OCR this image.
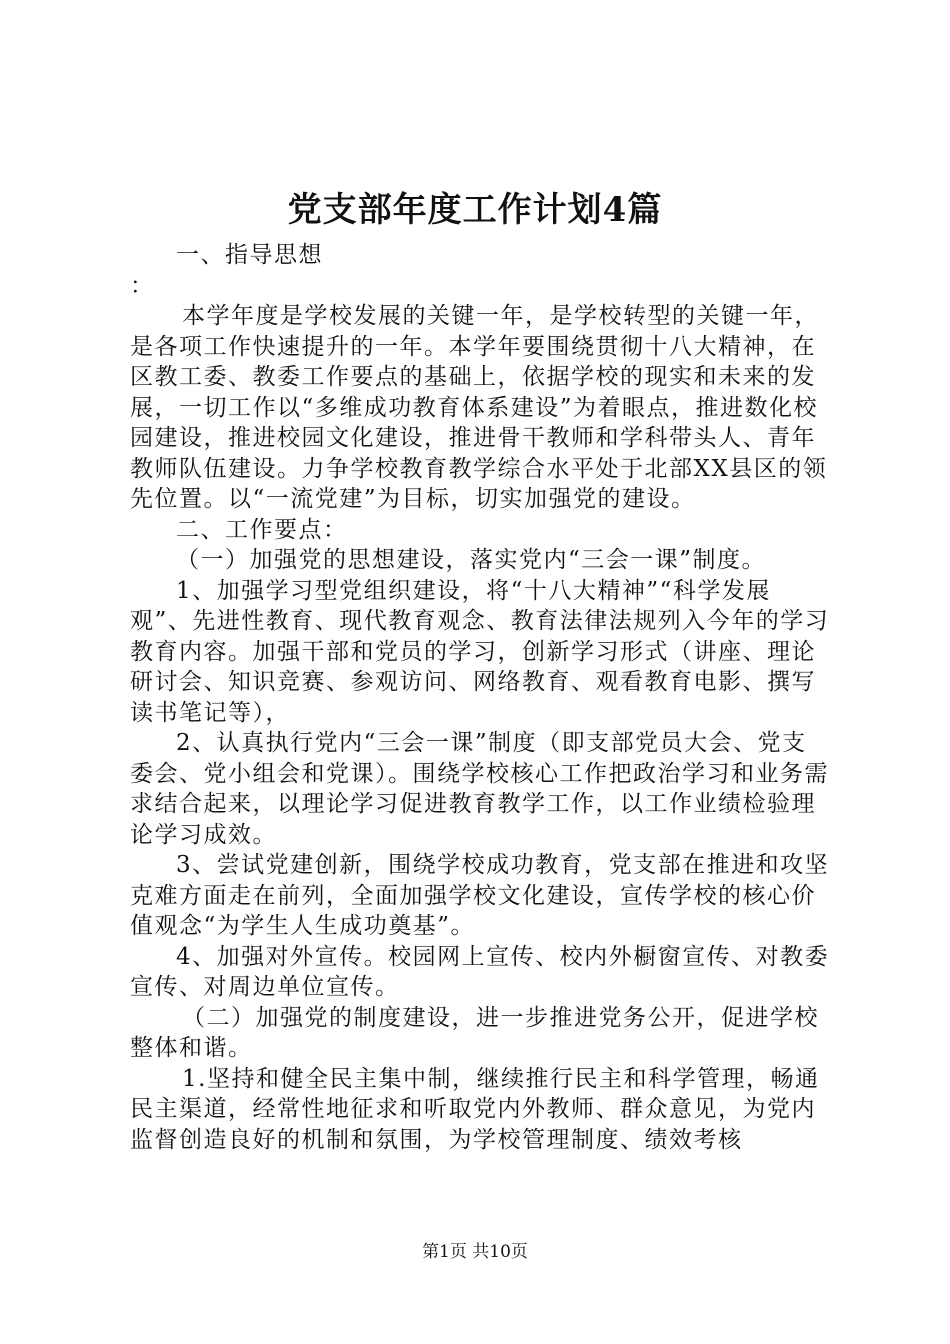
党支部年度工作计划4篇

一、指导思想

：

本学年度是学校发展的关键一年，是学校转型的关键一年，是各项工作快速提升的一年。本学年要围绕贯彻十八大精神，在区教工委、教委工作要点的基础上，依据学校的现实和未来的发展，一切工作以“多维成功教育体系建设”为着眼点，推进数化校园建设，推进校园文化建设，推进骨干教师和学科带头人、青年教师队伍建设。力争学校教育教学综合水平处于北部XX县区的领先位置。以“一流党建”为目标，切实加强党的建设。

二、工作要点：

（一）加强党的思想建设，落实党内“三会一课”制度。

1、加强学习型党组织建设，将“十八大精神”“科学发展观”、先进性教育、现代教育观念、教育法律法规列入今年的学习教育内容。加强干部和党员的学习，创新学习形式（讲座、理论研讨会、知识竞赛、参观访问、网络教育、观看教育电影、撰写读书笔记等），

2、认真执行党内“三会一课”制度（即支部党员大会、党支委会、党小组会和党课）。围绕学校核心工作把政治学习和业务需求结合起来，以理论学习促进教育教学工作，以工作业绩检验理论学习成效。

3、尝试党建创新，围绕学校成功教育，党支部在推进和攻坚克难方面走在前列，全面加强学校文化建设，宣传学校的核心价值观念“为学生人生成功奠基”。

4、加强对外宣传。校园网上宣传、校内外橱窗宣传、对教委宣传、对周边单位宣传。

（二）加强党的制度建设，进一步推进党务公开，促进学校整体和谐。

1.坚持和健全民主集中制，继续推行民主和科学管理，畅通民主渠道，经常性地征求和听取党内外教师、群众意见，为党内监督创造良好的机制和氛围，为学校管理制度、绩效考核

第1页 共10页
